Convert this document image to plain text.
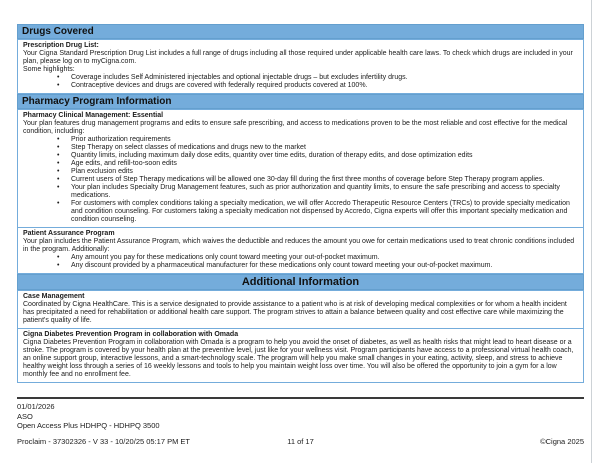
Drugs Covered

Prescription Drug List:

Your Cigna Standard Prescription Drug List includes a full range of drugs including all those required under applicable health care laws. To check which drugs are included in your plan, please log on to myCigna.com.

Some highlights:

• Coverage includes Self Administered injectables and optional injectable drugs – but excludes infertility drugs.
• Contraceptive devices and drugs are covered with federally required products covered at 100%.
Pharmacy Program Information

Pharmacy Clinical Management: Essential

Your plan features drug management programs and edits to ensure safe prescribing, and access to medications proven to be the most reliable and cost effective for the medical condition, including:

• Prior authorization requirements
• Step Therapy on select classes of medications and drugs new to the market
• Quantity limits, including maximum daily dose edits, quantity over time edits, duration of therapy edits, and dose optimization edits
• Age edits, and refill-too-soon edits
• Plan exclusion edits
• Current users of Step Therapy medications will be allowed one 30-day fill during the first three months of coverage before Step Therapy program applies.
• Your plan includes Specialty Drug Management features, such as prior authorization and quantity limits, to ensure the safe prescribing and access to specialty medications.
• For customers with complex conditions taking a specialty medication, we will offer Accredo Therapeutic Resource Centers (TRCs) to provide specialty medication and condition counseling. For customers taking a specialty medication not dispensed by Accredo, Cigna experts will offer this important specialty medication and condition counseling.

Patient Assurance Program

Your plan includes the Patient Assurance Program, which waives the deductible and reduces the amount you owe for certain medications used to treat chronic conditions included in the program. Additionally:

• Any amount you pay for these medications only count toward meeting your out-of-pocket maximum.
• Any discount provided by a pharmaceutical manufacturer for these medications only count toward meeting your out-of-pocket maximum.
Additional Information

Case Management

Coordinated by Cigna HealthCare. This is a service designated to provide assistance to a patient who is at risk of developing medical complexities or for whom a health incident has precipitated a need for rehabilitation or additional health care support. The program strives to attain a balance between quality and cost effective care while maximizing the patient's quality of life.

Cigna Diabetes Prevention Program in collaboration with Omada

Cigna Diabetes Prevention Program in collaboration with Omada is a program to help you avoid the onset of diabetes, as well as health risks that might lead to heart disease or a stroke. The program is covered by your health plan at the preventive level, just like for your wellness visit. Program participants have access to a professional virtual health coach, an online support group, interactive lessons, and a smart-technology scale. The program will help you make small changes in your eating, activity, sleep, and stress to achieve healthy weight loss through a series of 16 weekly lessons and tools to help you maintain weight loss over time. You will also be offered the opportunity to join a gym for a low monthly fee and no enrollment fee.

01/01/2026
ASO
Open Access Plus HDHPQ - HDHPQ 3500
Proclaim - 37302326 - V 33 - 10/20/25 05:17 PM ET	11 of 17	©Cigna 2025
